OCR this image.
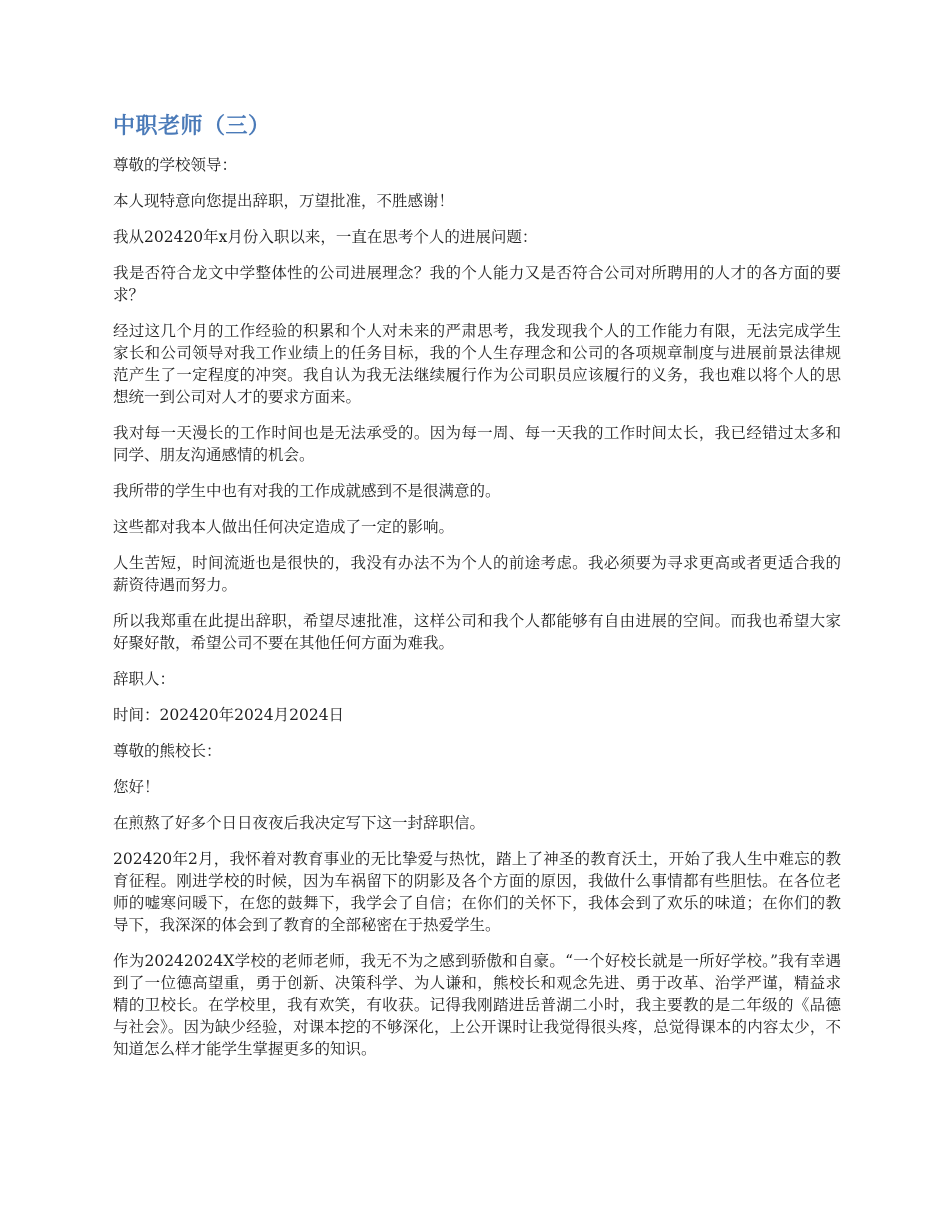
中职老师（三）

尊敬的学校领导：

本人现特意向您提出辞职，万望批准，不胜感谢！

我从202420年x月份入职以来，一直在思考个人的进展问题：

我是否符合龙文中学整体性的公司进展理念？我的个人能力又是否符合公司对所聘用的人才的各方面的要求？

经过这几个月的工作经验的积累和个人对未来的严肃思考，我发现我个人的工作能力有限，无法完成学生家长和公司领导对我工作业绩上的任务目标，我的个人生存理念和公司的各项规章制度与进展前景法律规范产生了一定程度的冲突。我自认为我无法继续履行作为公司职员应该履行的义务，我也难以将个人的思想统一到公司对人才的要求方面来。

我对每一天漫长的工作时间也是无法承受的。因为每一周、每一天我的工作时间太长，我已经错过太多和同学、朋友沟通感情的机会。

我所带的学生中也有对我的工作成就感到不是很满意的。

这些都对我本人做出任何决定造成了一定的影响。

人生苦短，时间流逝也是很快的，我没有办法不为个人的前途考虑。我必须要为寻求更高或者更适合我的薪资待遇而努力。

所以我郑重在此提出辞职，希望尽速批准，这样公司和我个人都能够有自由进展的空间。而我也希望大家好聚好散，希望公司不要在其他任何方面为难我。

辞职人：

时间：202420年2024月2024日

尊敬的熊校长：

您好！

在煎熬了好多个日日夜夜后我决定写下这一封辞职信。

202420年2月，我怀着对教育事业的无比挚爱与热忱，踏上了神圣的教育沃土，开始了我人生中难忘的教育征程。刚进学校的时候，因为车祸留下的阴影及各个方面的原因，我做什么事情都有些胆怯。在各位老师的嘘寒问暖下，在您的鼓舞下，我学会了自信；在你们的关怀下，我体会到了欢乐的味道；在你们的教导下，我深深的体会到了教育的全部秘密在于热爱学生。

作为20242024X学校的老师老师，我无不为之感到骄傲和自豪。“一个好校长就是一所好学校。”我有幸遇到了一位德高望重，勇于创新、决策科学、为人谦和，熊校长和观念先进、勇于改革、治学严谨，精益求精的卫校长。在学校里，我有欢笑，有收获。记得我刚踏进岳普湖二小时，我主要教的是二年级的《品德与社会》。因为缺少经验，对课本挖的不够深化，上公开课时让我觉得很头疼，总觉得课本的内容太少，不知道怎么样才能学生掌握更多的知识。
